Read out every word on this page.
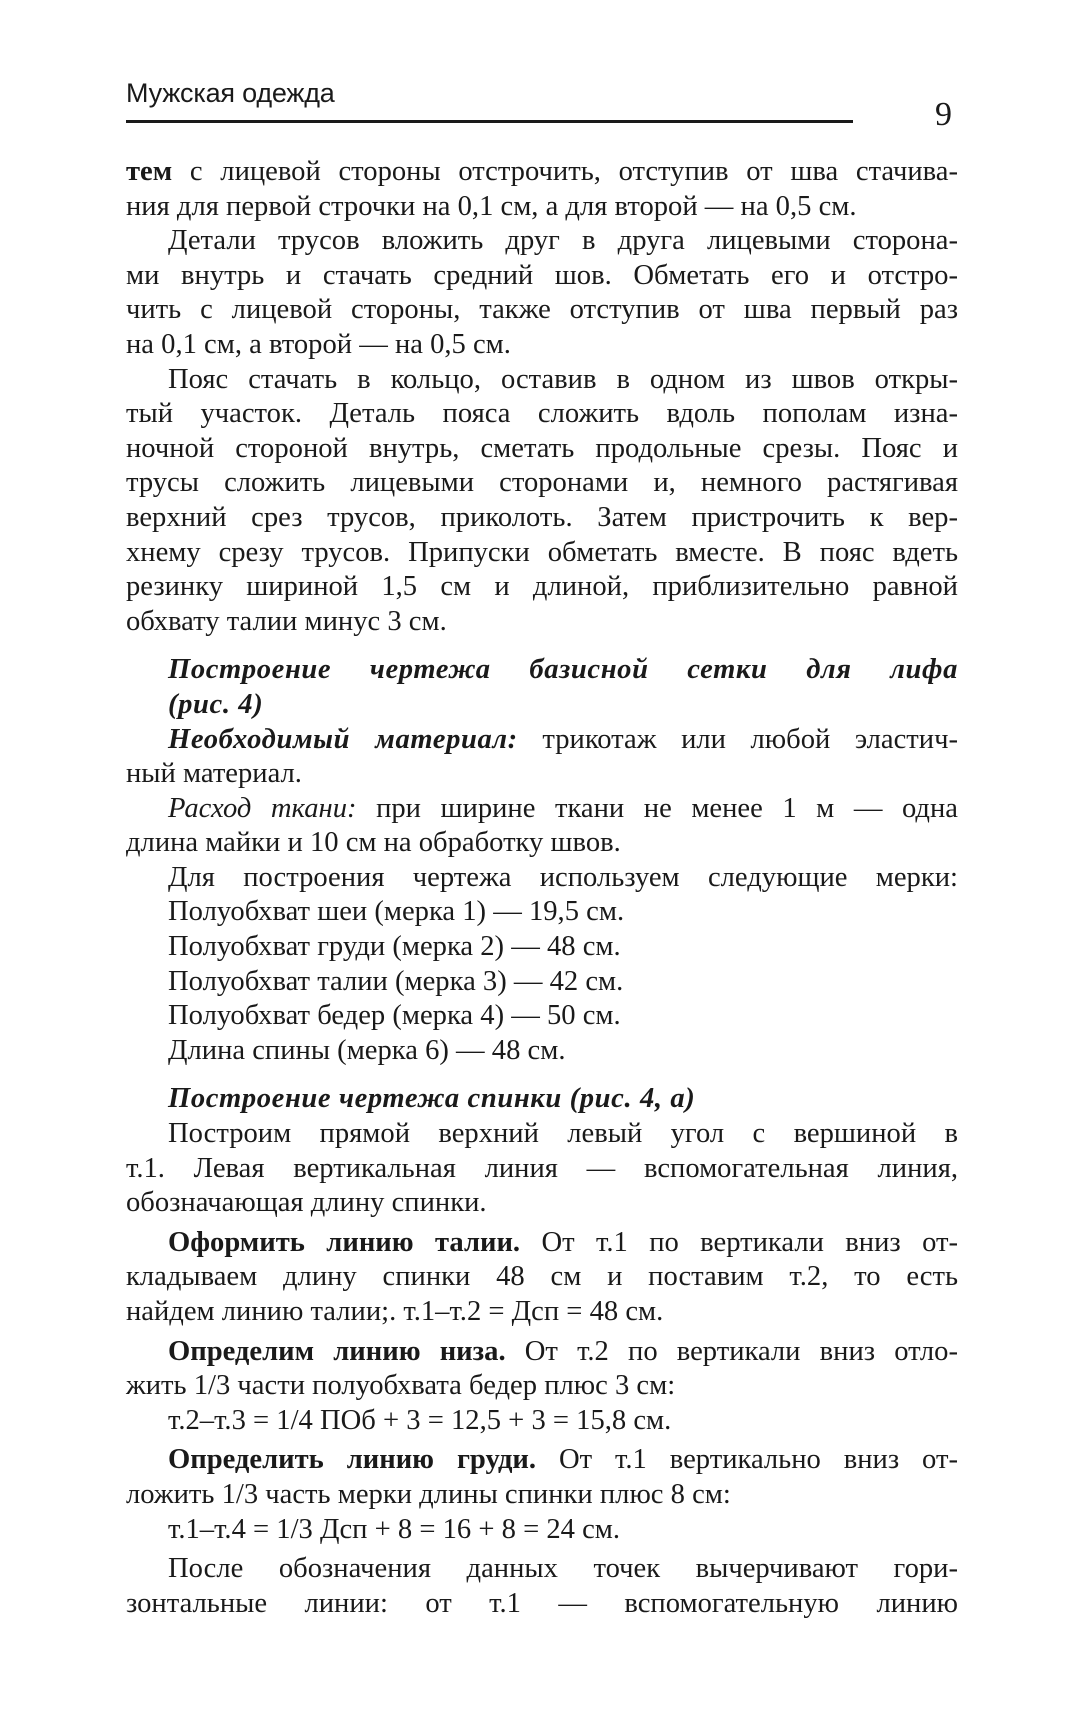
Мужская одежда
9
тем с лицевой стороны отстрочить, отступив от шва стачива-
ния для первой строчки на 0,1 см, а для второй — на 0,5 см.
Детали трусов вложить друг в друга лицевыми сторона-
ми внутрь и стачать средний шов. Обметать его и отстро-
чить с лицевой стороны, также отступив от шва первый раз
на 0,1 см, а второй — на 0,5 см.
Пояс стачать в кольцо, оставив в одном из швов откры-
тый участок. Деталь пояса сложить вдоль пополам изна-
ночной стороной внутрь, сметать продольные срезы. Пояс и
трусы сложить лицевыми сторонами и, немного растягивая
верхний срез трусов, приколоть. Затем пристрочить к вер-
хнему срезу трусов. Припуски обметать вместе. В пояс вдеть
резинку шириной 1,5 см и длиной, приблизительно равной
обхвату талии минус 3 см.
Построение чертежа базисной сетки для лифа
(рис. 4)
Необходимый материал: трикотаж или любой эластич-
ный материал.
Расход ткани: при ширине ткани не менее 1 м — одна
длина майки и 10 см на обработку швов.
Для построения чертежа используем следующие мерки:
Полуобхват шеи (мерка 1) — 19,5 см.
Полуобхват груди (мерка 2) — 48 см.
Полуобхват талии (мерка 3) — 42 см.
Полуобхват бедер (мерка 4) — 50 см.
Длина спины (мерка 6) — 48 см.
Построение чертежа спинки (рис. 4, а)
Построим прямой верхний левый угол с вершиной в
т.1. Левая вертикальная линия — вспомогательная линия,
обозначающая длину спинки.
Оформить линию талии. От т.1 по вертикали вниз от-
кладываем длину спинки 48 см и поставим т.2, то есть
найдем линию талии;. т.1–т.2 = Дсп = 48 см.
Определим линию низа. От т.2 по вертикали вниз отло-
жить 1/3 части полуобхвата бедер плюс 3 см:
т.2–т.3 = 1/4 ПОб + 3 = 12,5 + 3 = 15,8 см.
Определить линию груди. От т.1 вертикально вниз от-
ложить 1/3 часть мерки длины спинки плюс 8 см:
т.1–т.4 = 1/3 Дсп + 8 = 16 + 8 = 24 см.
После обозначения данных точек вычерчивают гори-
зонтальные линии: от т.1 — вспомогательную линию
